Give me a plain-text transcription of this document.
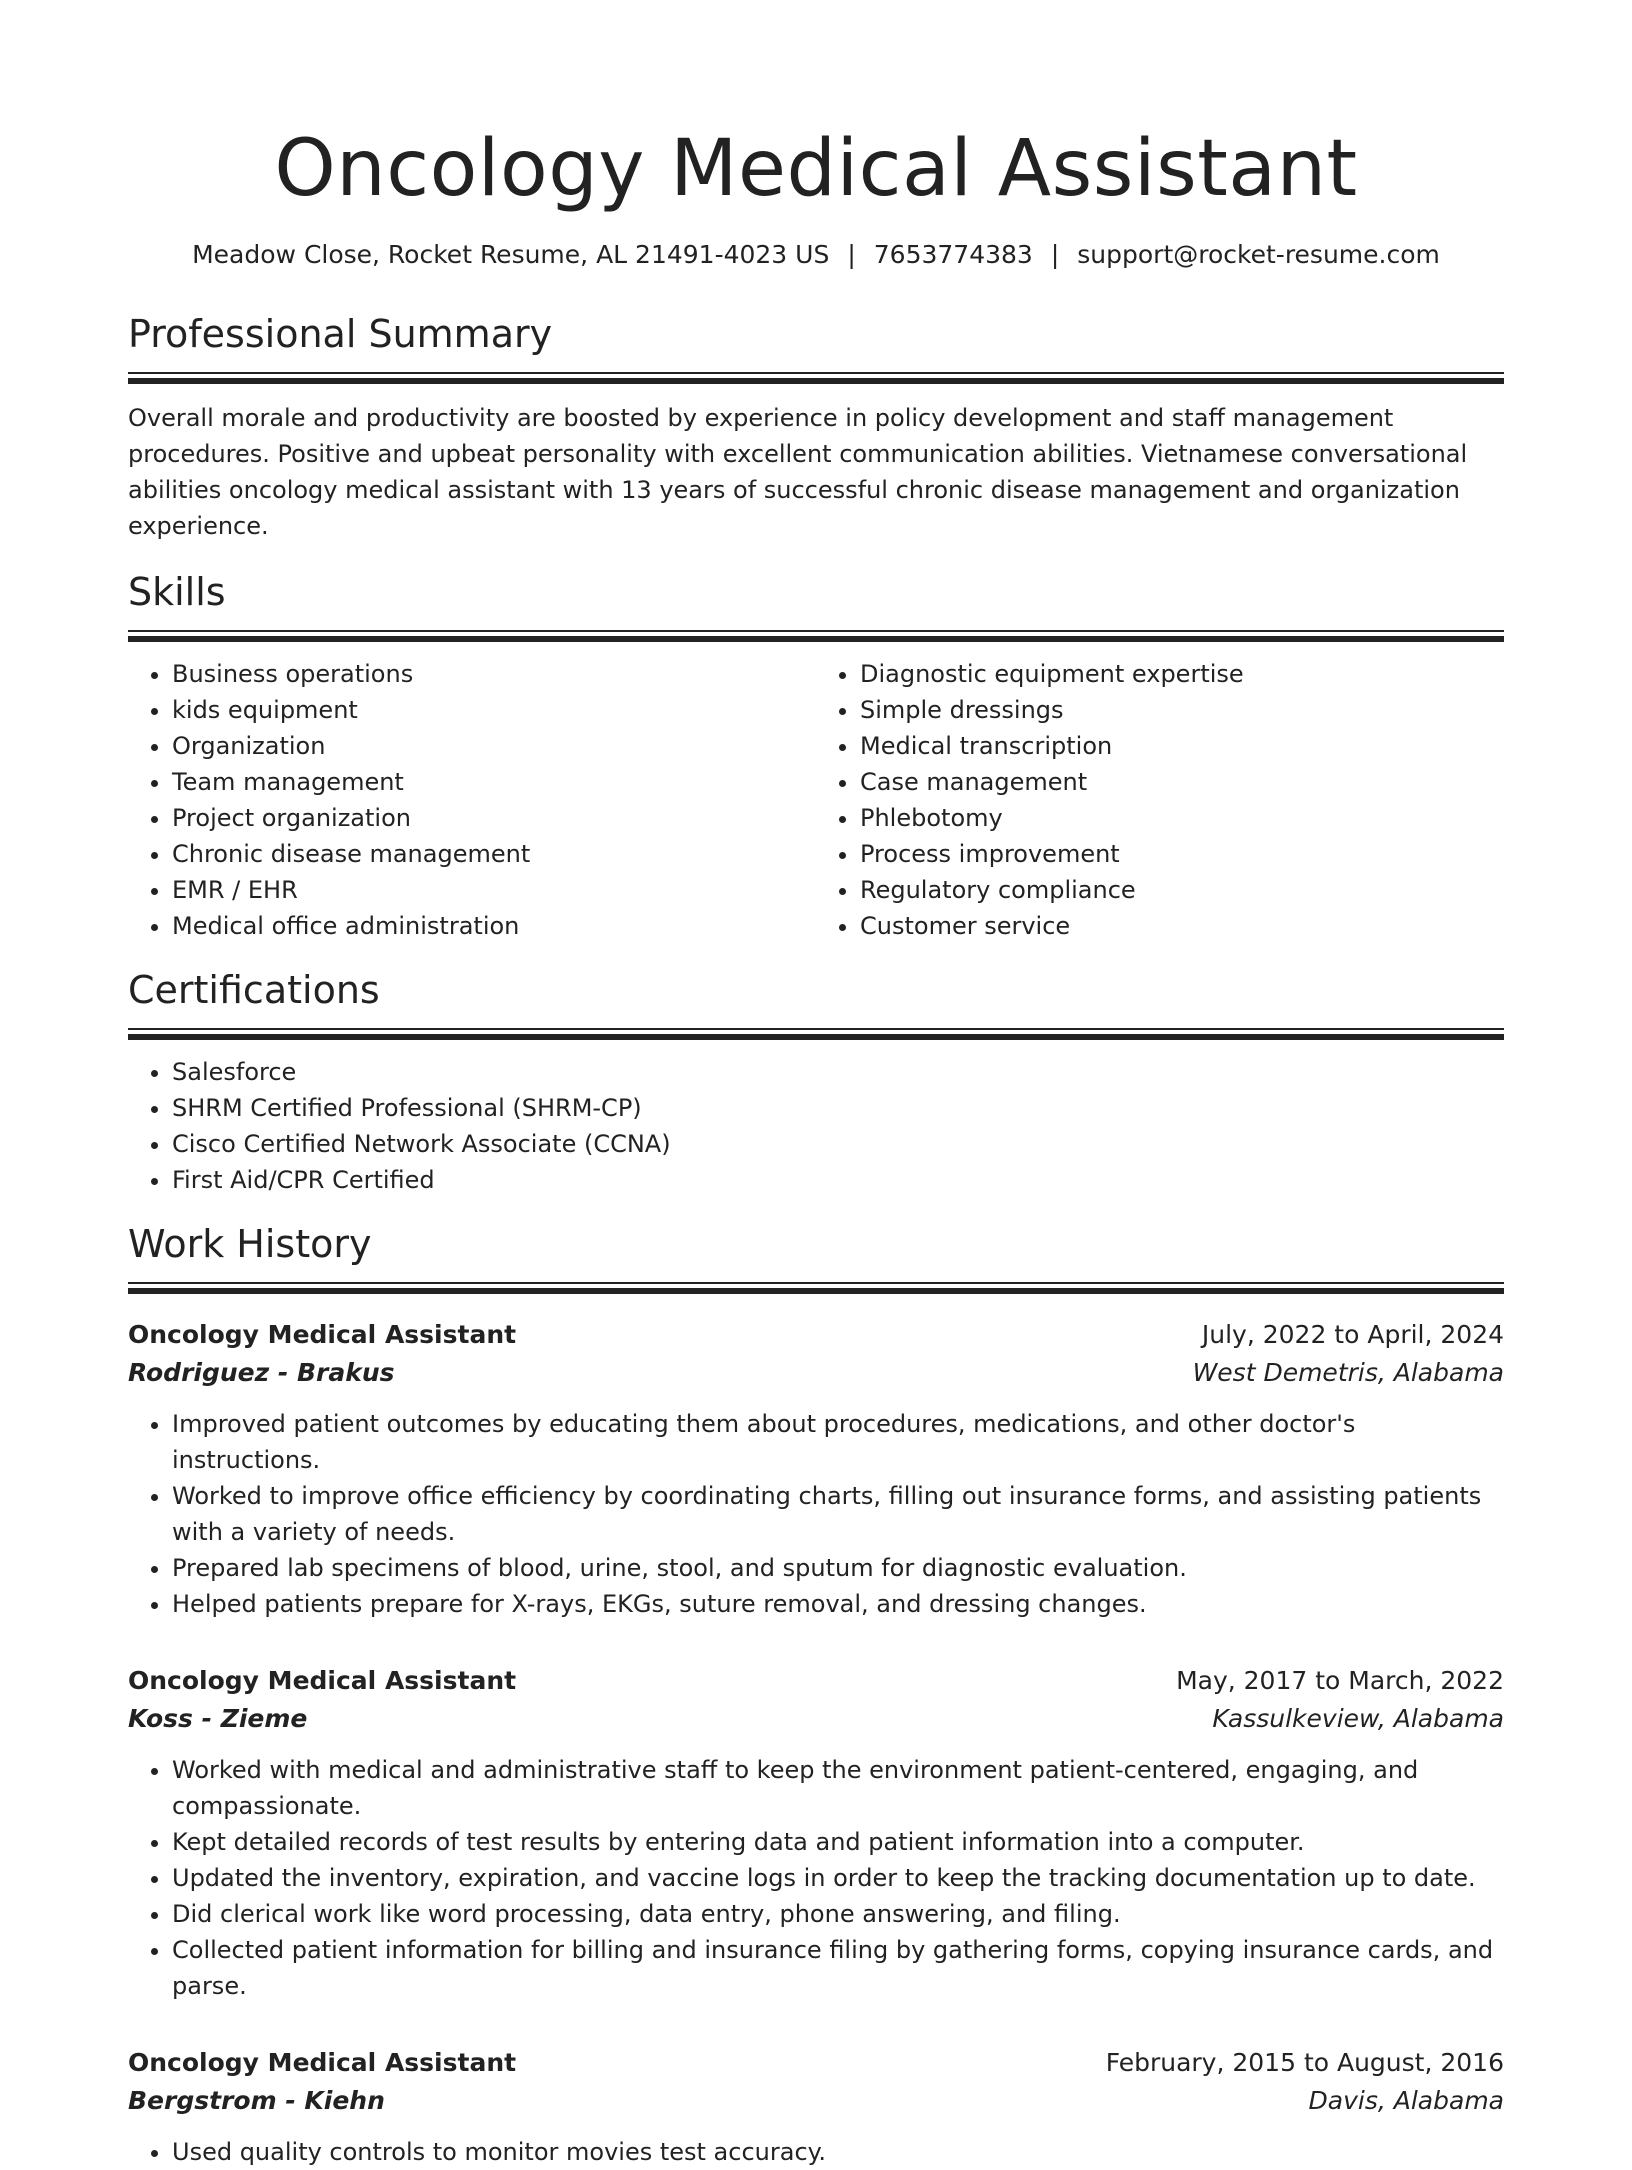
Oncology Medical Assistant
Meadow Close, Rocket Resume, AL 21491-4023 US | 7653774383 | support@rocket-resume.com
Professional Summary

Overall morale and productivity are boosted by experience in policy development and staff management procedures. Positive and upbeat personality with excellent communication abilities. Vietnamese conversational abilities oncology medical assistant with 13 years of successful chronic disease management and organization experience.

Skills
• Business operations
• kids equipment
• Organization
• Team management
• Project organization
• Chronic disease management
• EMR / EHR
• Medical office administration
• Diagnostic equipment expertise
• Simple dressings
• Medical transcription
• Case management
• Phlebotomy
• Process improvement
• Regulatory compliance
• Customer service
Certifications
• Salesforce
• SHRM Certified Professional (SHRM-CP)
• Cisco Certified Network Associate (CCNA)
• First Aid/CPR Certified
Work History
Oncology Medical Assistant	July, 2022 to April, 2024
Rodriguez - Brakus	West Demetris, Alabama
• Improved patient outcomes by educating them about procedures, medications, and other doctor's instructions.
• Worked to improve office efficiency by coordinating charts, filling out insurance forms, and assisting patients with a variety of needs.
• Prepared lab specimens of blood, urine, stool, and sputum for diagnostic evaluation.
• Helped patients prepare for X-rays, EKGs, suture removal, and dressing changes.
Oncology Medical Assistant	May, 2017 to March, 2022
Koss - Zieme	Kassulkeview, Alabama
• Worked with medical and administrative staff to keep the environment patient-centered, engaging, and compassionate.
• Kept detailed records of test results by entering data and patient information into a computer.
• Updated the inventory, expiration, and vaccine logs in order to keep the tracking documentation up to date.
• Did clerical work like word processing, data entry, phone answering, and filing.
• Collected patient information for billing and insurance filing by gathering forms, copying insurance cards, and parse.
Oncology Medical Assistant	February, 2015 to August, 2016
Bergstrom - Kiehn	Davis, Alabama
• Used quality controls to monitor movies test accuracy.
